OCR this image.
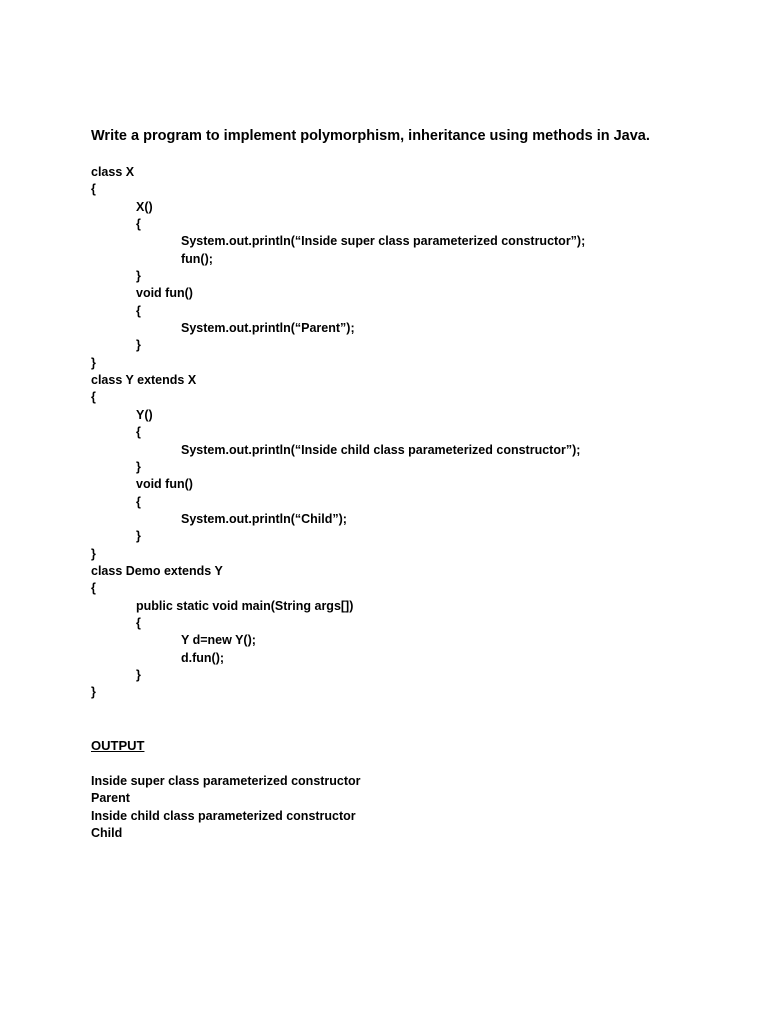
Write a program to implement polymorphism, inheritance using methods in Java.
class X
{
X()
{
System.out.println(“Inside super class parameterized constructor”);
fun();
}
void fun()
{
System.out.println(“Parent”);
}
}
class Y extends X
{
Y()
{
System.out.println(“Inside child class parameterized constructor”);
}
void fun()
{
System.out.println(“Child”);
}
}
class Demo extends Y
{
public static void main(String args[])
{
Y d=new Y();
d.fun();
}
}
OUTPUT
Inside super class parameterized constructor
Parent
Inside child class parameterized constructor
Child
